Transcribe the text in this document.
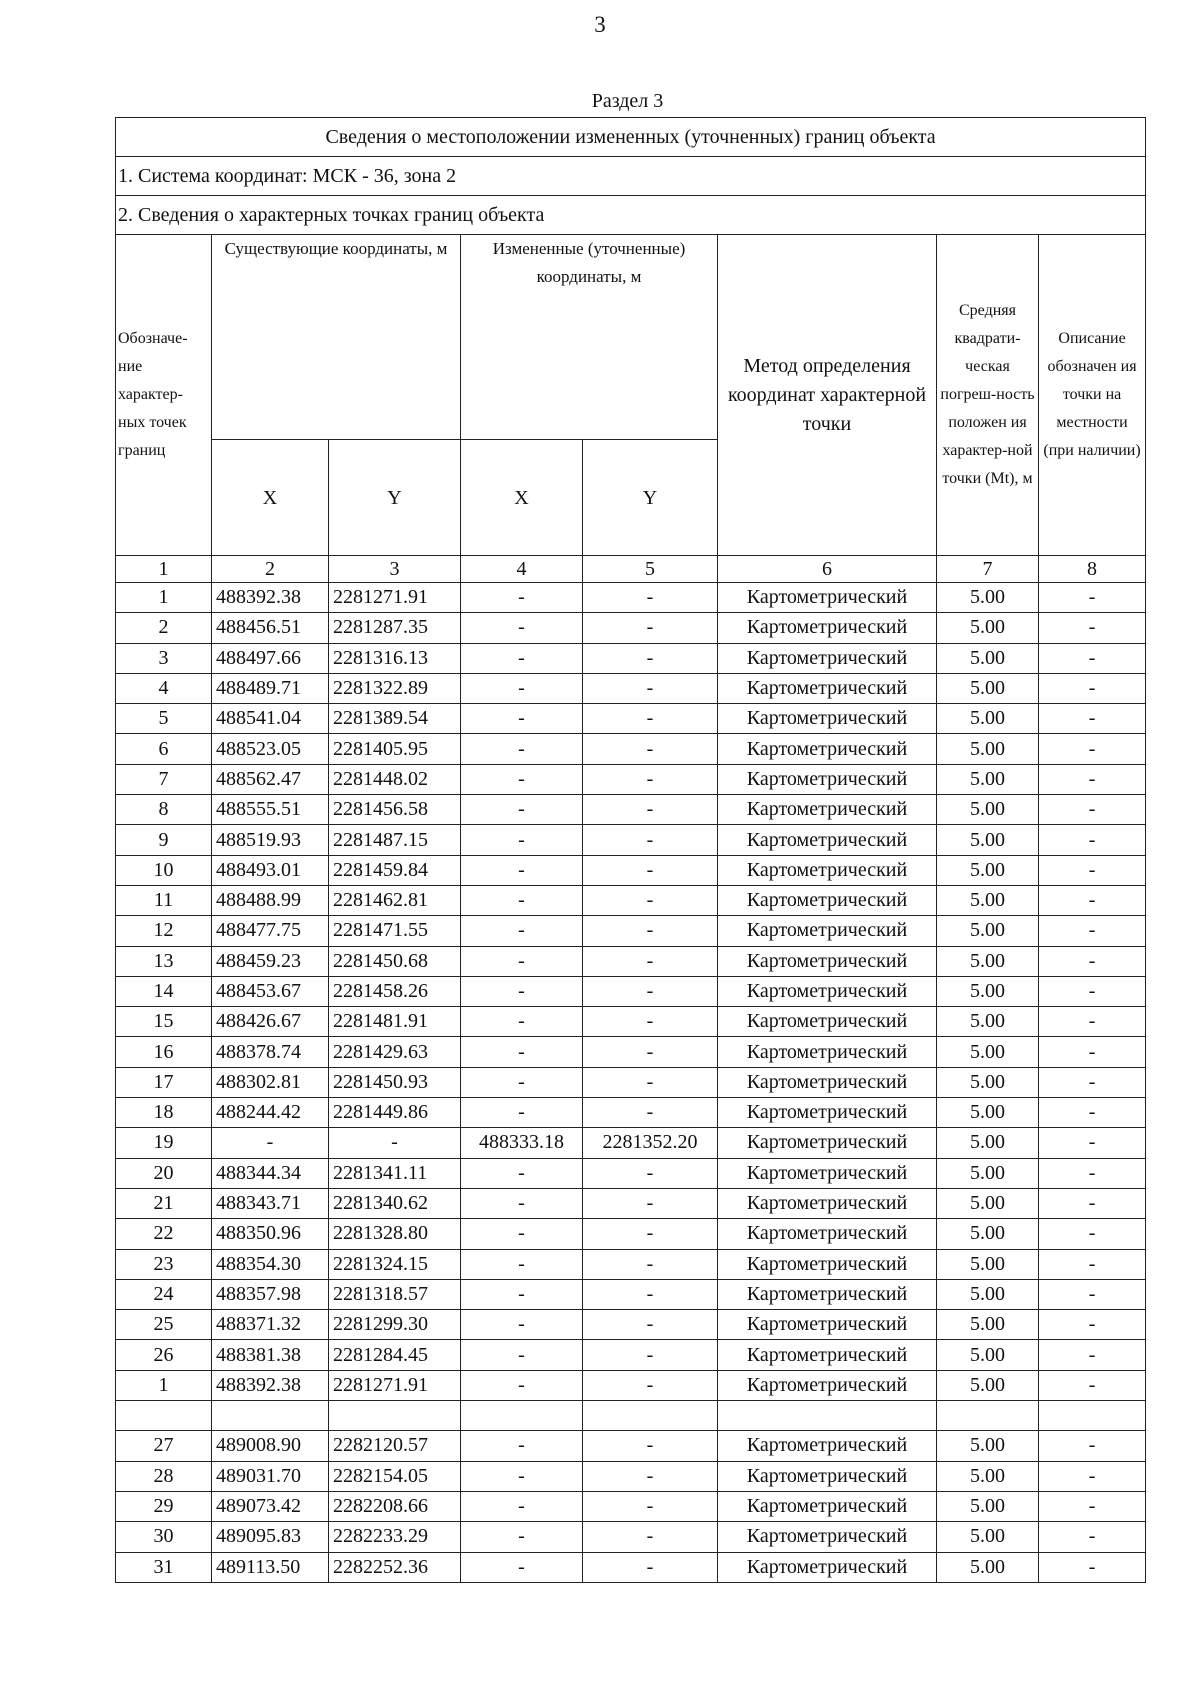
3
Раздел 3
Сведения о местоположении измененных (уточненных) границ объекта							
1. Система координат: МСК - 36, зона 2							
2. Сведения о характерных точках границ объекта							
Обозначе-ние характер-ных точек границ	Существующие координаты, м		Измененные (уточненные) координаты, м		Метод определения координат характерной точки	Средняя квадрати-ческая погреш-ность положен ия характер-ной точки (Mt), м	Описание обозначен ия точки на местности (при наличии)
	X	Y	X	Y			
1	2	3	4	5	6	7	8
1	488392.38	2281271.91	-	-	Картометрический	5.00	-
2	488456.51	2281287.35	-	-	Картометрический	5.00	-
3	488497.66	2281316.13	-	-	Картометрический	5.00	-
4	488489.71	2281322.89	-	-	Картометрический	5.00	-
5	488541.04	2281389.54	-	-	Картометрический	5.00	-
6	488523.05	2281405.95	-	-	Картометрический	5.00	-
7	488562.47	2281448.02	-	-	Картометрический	5.00	-
8	488555.51	2281456.58	-	-	Картометрический	5.00	-
9	488519.93	2281487.15	-	-	Картометрический	5.00	-
10	488493.01	2281459.84	-	-	Картометрический	5.00	-
11	488488.99	2281462.81	-	-	Картометрический	5.00	-
12	488477.75	2281471.55	-	-	Картометрический	5.00	-
13	488459.23	2281450.68	-	-	Картометрический	5.00	-
14	488453.67	2281458.26	-	-	Картометрический	5.00	-
15	488426.67	2281481.91	-	-	Картометрический	5.00	-
16	488378.74	2281429.63	-	-	Картометрический	5.00	-
17	488302.81	2281450.93	-	-	Картометрический	5.00	-
18	488244.42	2281449.86	-	-	Картометрический	5.00	-
19	-	-	488333.18	2281352.20	Картометрический	5.00	-
20	488344.34	2281341.11	-	-	Картометрический	5.00	-
21	488343.71	2281340.62	-	-	Картометрический	5.00	-
22	488350.96	2281328.80	-	-	Картометрический	5.00	-
23	488354.30	2281324.15	-	-	Картометрический	5.00	-
24	488357.98	2281318.57	-	-	Картометрический	5.00	-
25	488371.32	2281299.30	-	-	Картометрический	5.00	-
26	488381.38	2281284.45	-	-	Картометрический	5.00	-
1	488392.38	2281271.91	-	-	Картометрический	5.00	-

27	489008.90	2282120.57	-	-	Картометрический	5.00	-
28	489031.70	2282154.05	-	-	Картометрический	5.00	-
29	489073.42	2282208.66	-	-	Картометрический	5.00	-
30	489095.83	2282233.29	-	-	Картометрический	5.00	-
31	489113.50	2282252.36	-	-	Картометрический	5.00	-
